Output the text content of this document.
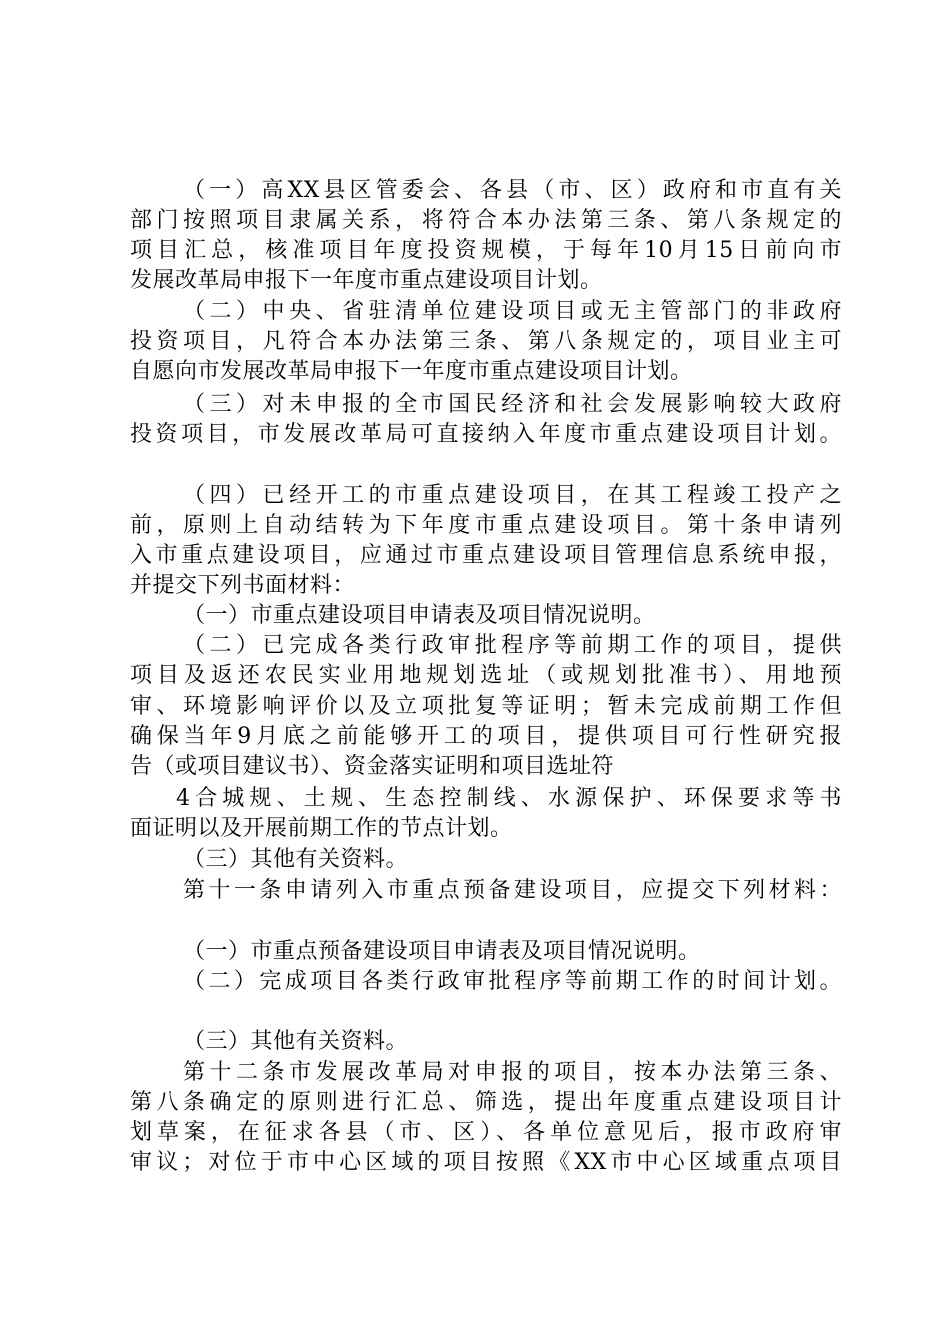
（一）高XX县区管委会、各县（市、区）政府和市直有关
部门按照项目隶属关系，将符合本办法第三条、第八条规定的
项目汇总，核准项目年度投资规模，于每年10月15日前向市
发展改革局申报下一年度市重点建设项目计划。
（二）中央、省驻清单位建设项目或无主管部门的非政府
投资项目，凡符合本办法第三条、第八条规定的，项目业主可
自愿向市发展改革局申报下一年度市重点建设项目计划。
（三）对未申报的全市国民经济和社会发展影响较大政府
投资项目，市发展改革局可直接纳入年度市重点建设项目计划。
（四）已经开工的市重点建设项目，在其工程竣工投产之
前，原则上自动结转为下年度市重点建设项目。第十条申请列
入市重点建设项目，应通过市重点建设项目管理信息系统申报，
并提交下列书面材料：
（一）市重点建设项目申请表及项目情况说明。
（二）已完成各类行政审批程序等前期工作的项目，提供
项目及返还农民实业用地规划选址（或规划批准书）、用地预
审、环境影响评价以及立项批复等证明；暂未完成前期工作但
确保当年9月底之前能够开工的项目，提供项目可行性研究报
告（或项目建议书）、资金落实证明和项目选址符
4合城规、土规、生态控制线、水源保护、环保要求等书
面证明以及开展前期工作的节点计划。
（三）其他有关资料。
第十一条申请列入市重点预备建设项目，应提交下列材料：
（一）市重点预备建设项目申请表及项目情况说明。
（二）完成项目各类行政审批程序等前期工作的时间计划。
（三）其他有关资料。
第十二条市发展改革局对申报的项目，按本办法第三条、
第八条确定的原则进行汇总、筛选，提出年度重点建设项目计
划草案，在征求各县（市、区）、各单位意见后，报市政府审
审议；对位于市中心区域的项目按照《XX市中心区域重点项目
